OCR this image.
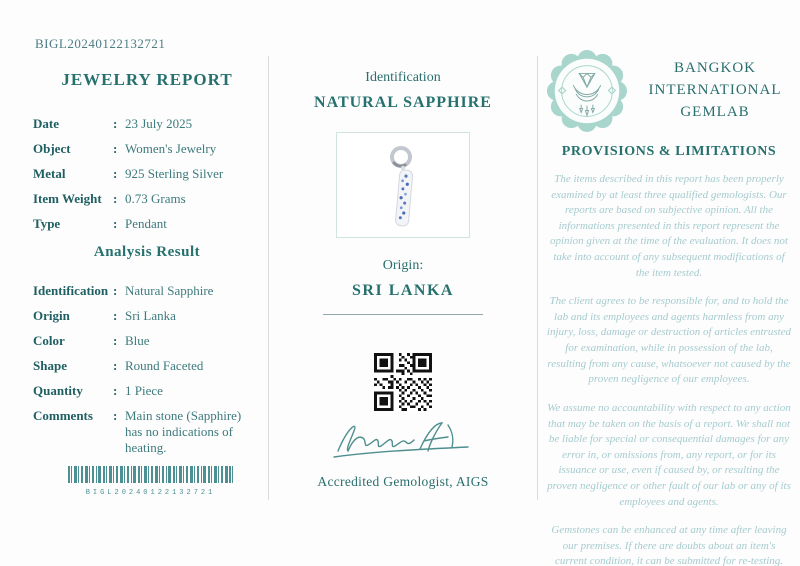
BIGL20240122132721
JEWELRY REPORT
Date	: 23 July 2025
Object	: Women's Jewelry
Metal	: 925 Sterling Silver
Item Weight : 0.73 Grams
Type	: Pendant
Analysis Result
Identification : Natural Sapphire
Origin	: Sri Lanka
Color	: Blue
Shape	: Round Faceted
Quantity	: 1 Piece
Comments	: Main stone (Sapphire) has no indications of heating.
BIGL20240122132721
Identification
NATURAL SAPPHIRE
Origin:
SRI LANKA
Accredited Gemologist, AIGS
BANGKOK
INTERNATIONAL
GEMLAB
PROVISIONS & LIMITATIONS

The items described in this report has been properly examined by at least three qualified gemologists. Our reports are based on subjective opinion. All the informations presented in this report represent the opinion given at the time of the evaluation. It does not take into account of any subsequent modifications of the item tested.

The client agrees to be responsible for, and to hold the lab and its employees and agents harmless from any injury, loss, damage or destruction of articles entrusted for examination, while in possession of the lab, resulting from any cause, whatsoever not caused by the proven negligence of our employees.

We assume no accountability with respect to any action that may be taken on the basis of a report. We shall not be liable for special or consequential damages for any error in, or omissions from, any report, or for its issuance or use, even if caused by, or resulting the proven negligence or other fault of our lab or any of its employees and agents.

Gemstones can be enhanced at any time after leaving our premises. If there are doubts about an item's current condition, it can be submitted for re-testing.
